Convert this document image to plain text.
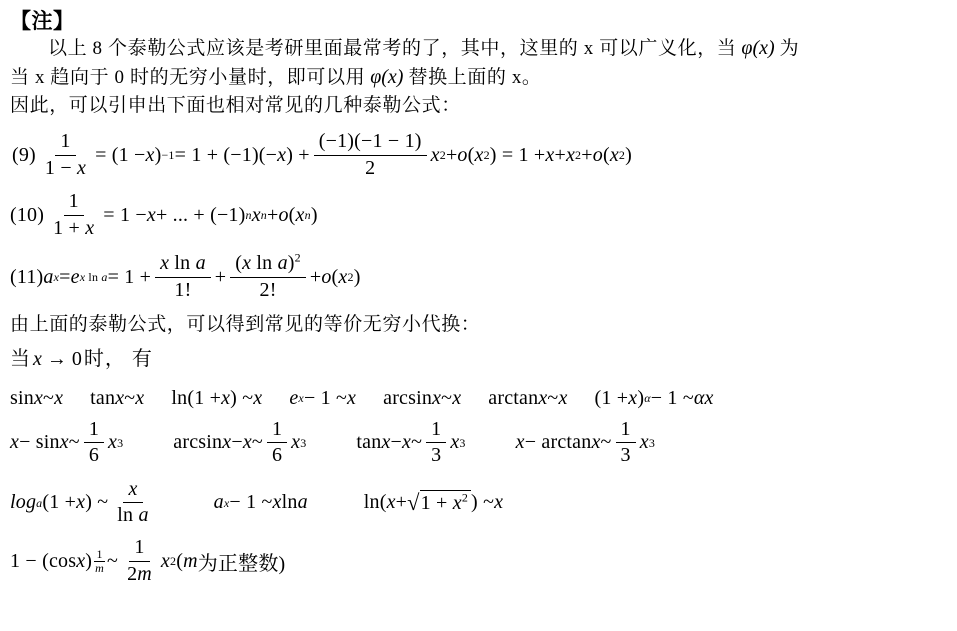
【注】

以上 8 个泰勒公式应该是考研里面最常考的了，其中，这里的 x 可以广义化，当 φ(x) 为

当 x 趋向于 0 时的无穷小量时，即可以用 φ(x) 替换上面的 x。

因此，可以引申出下面也相对常见的几种泰勒公式：

$(9) \frac{1}{1 - x} = (1 - x$ ) −1 = 1 + (−1)(− x ) + $\frac{(-1)(-1 - 1)}{2}$ x 2 + o ( x 2 ) = 1 + x + x 2 + o ( x 2 )
$(10) \frac{1}{1 + x} = 1 - x$ + ... + (−1) n x n + o ( x n )
(11) a x = e x $\ln a = 1 + \frac{\text{x ln a}}{1!} + \frac{(x \ln a)^2}{2!} + o$ ( x 2 )

由上面的泰勒公式，可以得到常见的等价无穷小代换：

当 x → 0 时， 有

sin x ~ x tan x ~ x ln(1 + x ) ~ x e x − 1 ~ x arcsin x ~ x arctan x ~ x (1 + x ) α − 1 ~ αx
x − sin x ~ $\frac{1}{6}$ x 3	arcsin x − x ~ $\frac{1}{6}$ x 3	tan x − x ~ $\frac{1}{3}$ x 3	x − arctan x ~ $\frac{1}{3}$ x 3
log a (1 + x ) ~ $\frac{x}{\text{ln a}}$	a x − 1 ~ x ln a	ln( x + √ $1 + x^2$ ) ~ x
1 − (cos x ) $\frac{1}{m}$ ~ $\frac{1}{2m}$ x 2 ( m 为正整数)
